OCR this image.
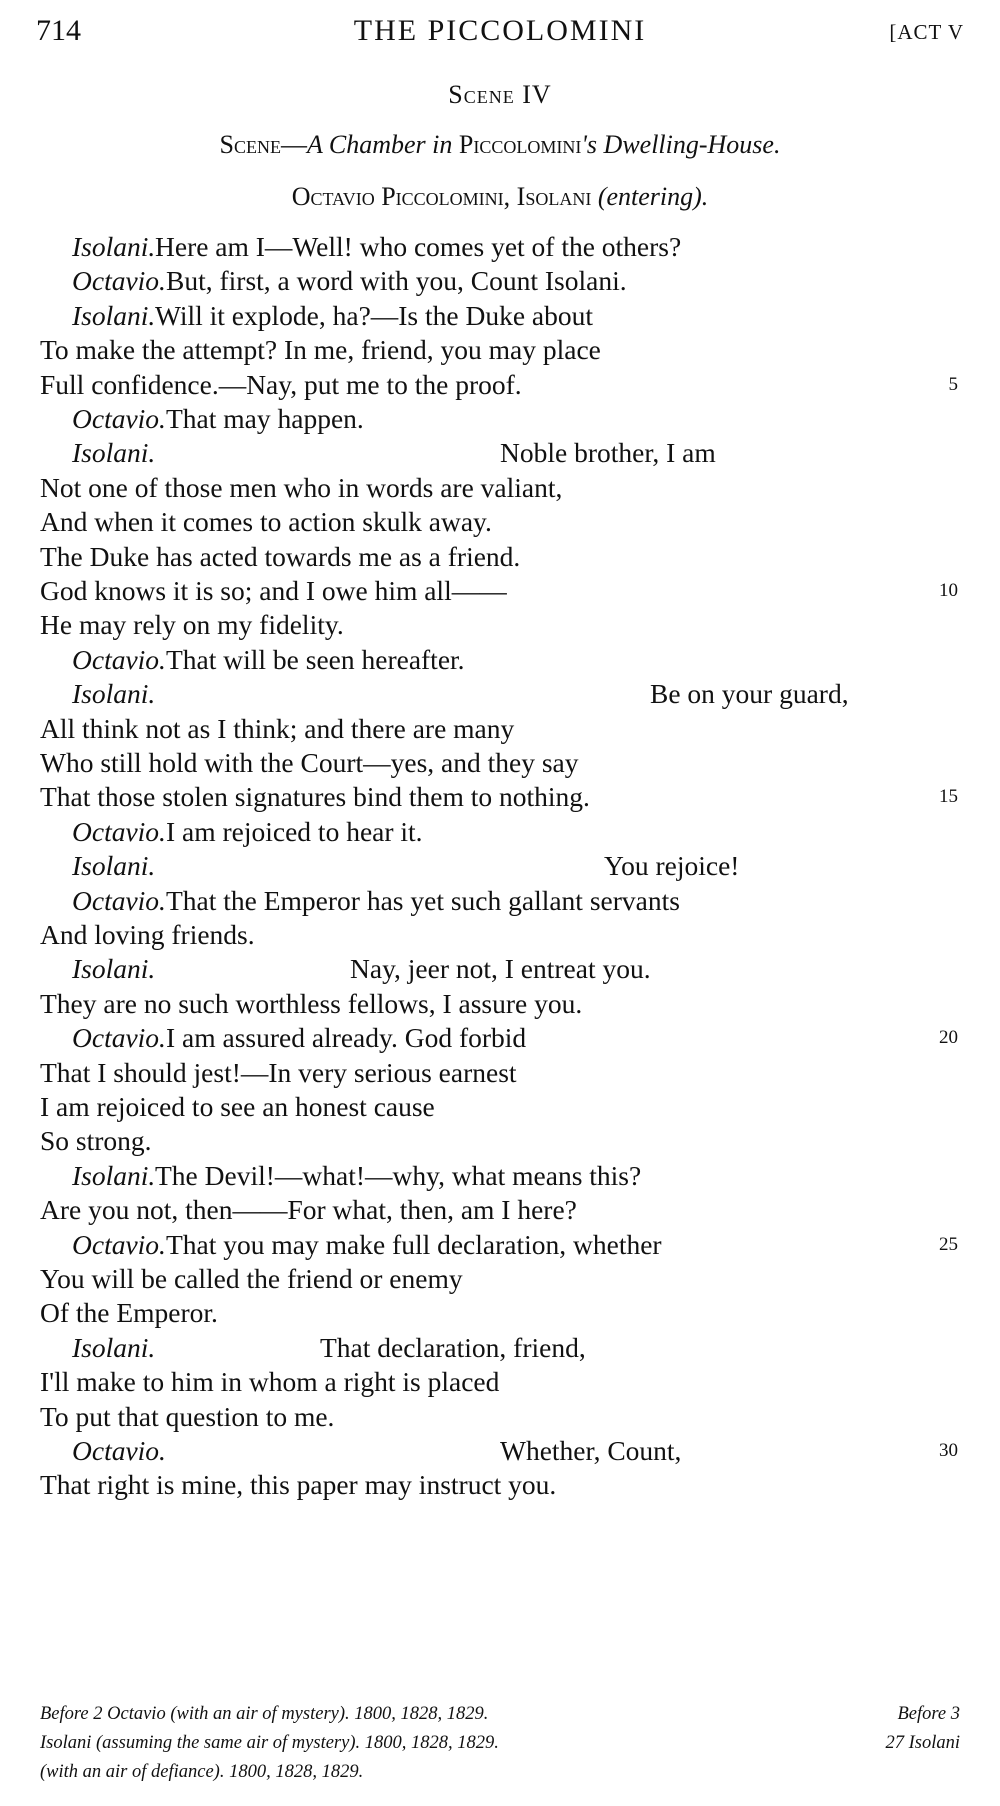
714	THE PICCOLOMINI	[ACT V
Scene IV
Scene—A Chamber in Piccolomini's Dwelling-House.
Octavio Piccolomini, Isolani (entering).
Isolani. Here am I—Well! who comes yet of the others?
Octavio. But, first, a word with you, Count Isolani.
Isolani. Will it explode, ha?—Is the Duke about
To make the attempt? In me, friend, you may place
Full confidence.—Nay, put me to the proof.	5
Octavio. That may happen.
Isolani.	Noble brother, I am
Not one of those men who in words are valiant,
And when it comes to action skulk away.
The Duke has acted towards me as a friend.
God knows it is so; and I owe him all——	10
He may rely on my fidelity.
Octavio. That will be seen hereafter.
Isolani.	Be on your guard,
All think not as I think; and there are many
Who still hold with the Court—yes, and they say
That those stolen signatures bind them to nothing.	15
Octavio. I am rejoiced to hear it.
Isolani.	You rejoice!
Octavio. That the Emperor has yet such gallant servants
And loving friends.
Isolani.	Nay, jeer not, I entreat you.
They are no such worthless fellows, I assure you.
Octavio. I am assured already. God forbid	20
That I should jest!—In very serious earnest
I am rejoiced to see an honest cause
So strong.
Isolani. The Devil!—what!—why, what means this?
Are you not, then——For what, then, am I here?
Octavio. That you may make full declaration, whether	25
You will be called the friend or enemy
Of the Emperor.
Isolani.	That declaration, friend,
I'll make to him in whom a right is placed
To put that question to me.
Octavio.	Whether, Count,	30
That right is mine, this paper may instruct you.
Before 2 Octavio (with an air of mystery). 1800, 1828, 1829.	Before 3
Isolani (assuming the same air of mystery). 1800, 1828, 1829.	27 Isolani
(with an air of defiance). 1800, 1828, 1829.
